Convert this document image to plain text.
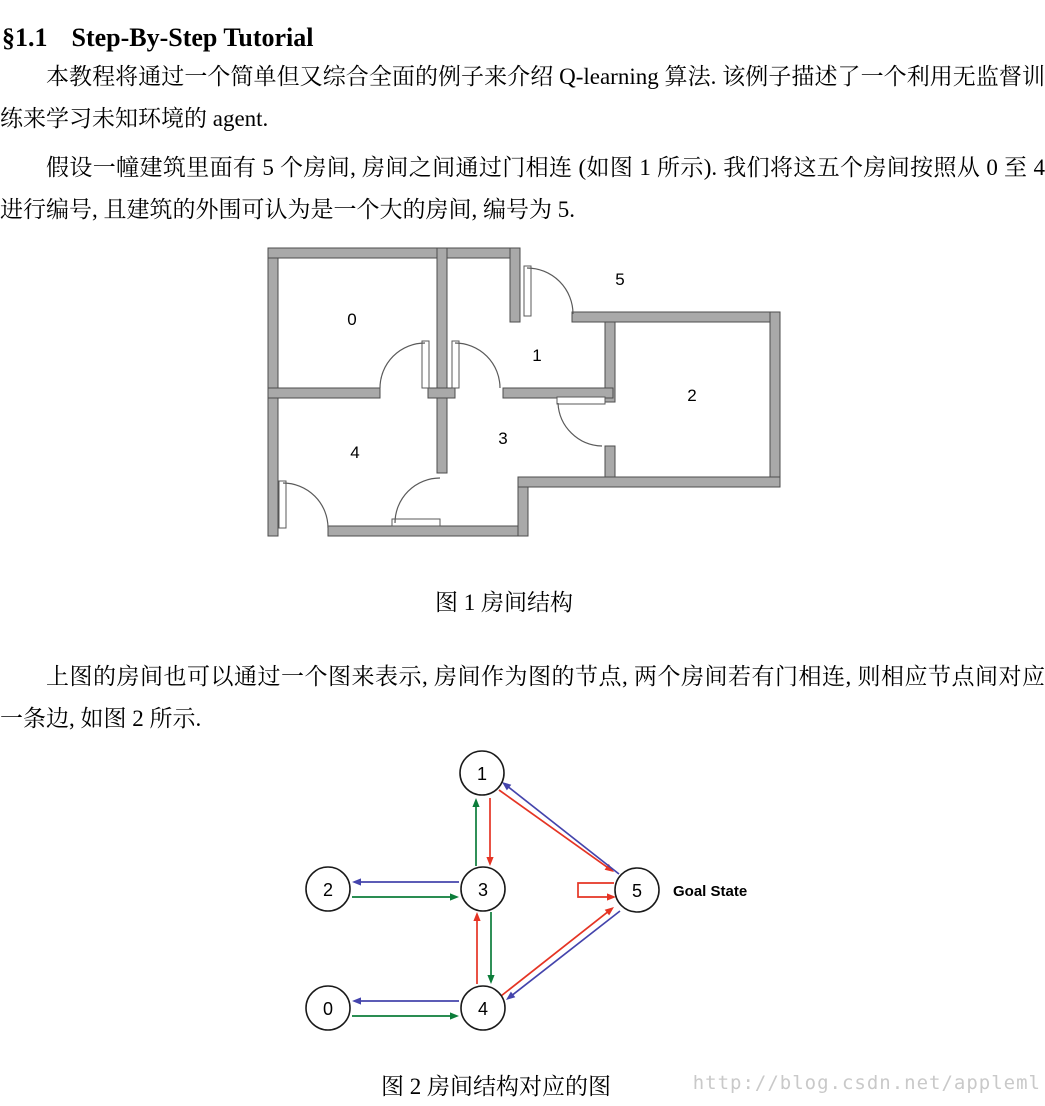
§1.1 Step-By-Step Tutorial

本教程将通过一个简单但又综合全面的例子来介绍 Q-learning 算法. 该例子描述了一个利用无监督训练来学习未知环境的 agent.

假设一幢建筑里面有 5 个房间, 房间之间通过门相连 (如图 1 所示). 我们将这五个房间按照从 0 至 4 进行编号, 且建筑的外围可认为是一个大的房间, 编号为 5.

0
1
2
3
4
5
图 1 房间结构

上图的房间也可以通过一个图来表示, 房间作为图的节点, 两个房间若有门相连, 则相应节点间对应一条边, 如图 2 所示.

1
2	3	5
0	4
Goal State
图 2 房间结构对应的图	http://blog.csdn.net/appleml
